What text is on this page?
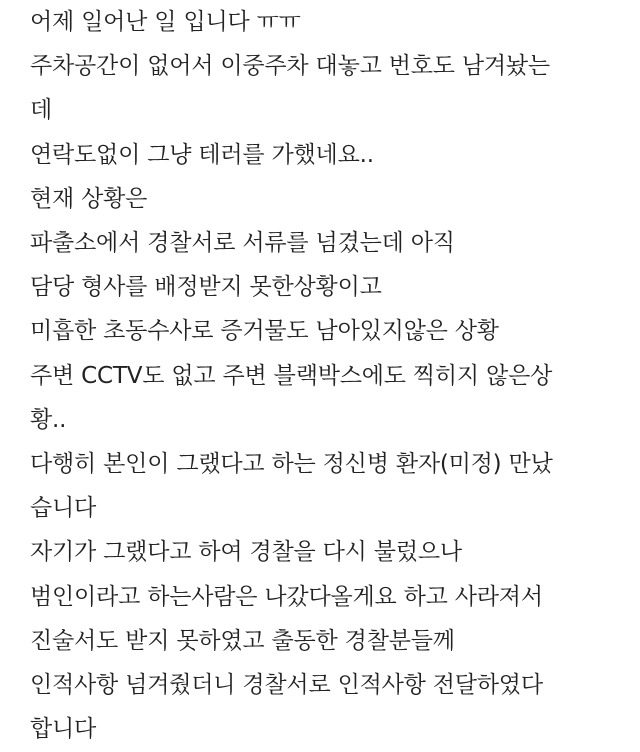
어제 일어난 일 입니다 ㅠㅠ
주차공간이 없어서 이중주차 대놓고 번호도 남겨놨는
데
연락도없이 그냥 테러를 가했네요..
현재 상황은
파출소에서 경찰서로 서류를 넘겼는데 아직
담당 형사를 배정받지 못한상황이고
미흡한 초동수사로 증거물도 남아있지않은 상황
주변 CCTV도 없고 주변 블랙박스에도 찍히지 않은상
황..
다행히 본인이 그랬다고 하는 정신병 환자(미정) 만났
습니다
자기가 그랬다고 하여 경찰을 다시 불렀으나
범인이라고 하는사람은 나갔다올게요 하고 사라져서
진술서도 받지 못하였고 출동한 경찰분들께
인적사항 넘겨줬더니 경찰서로 인적사항 전달하였다
합니다
